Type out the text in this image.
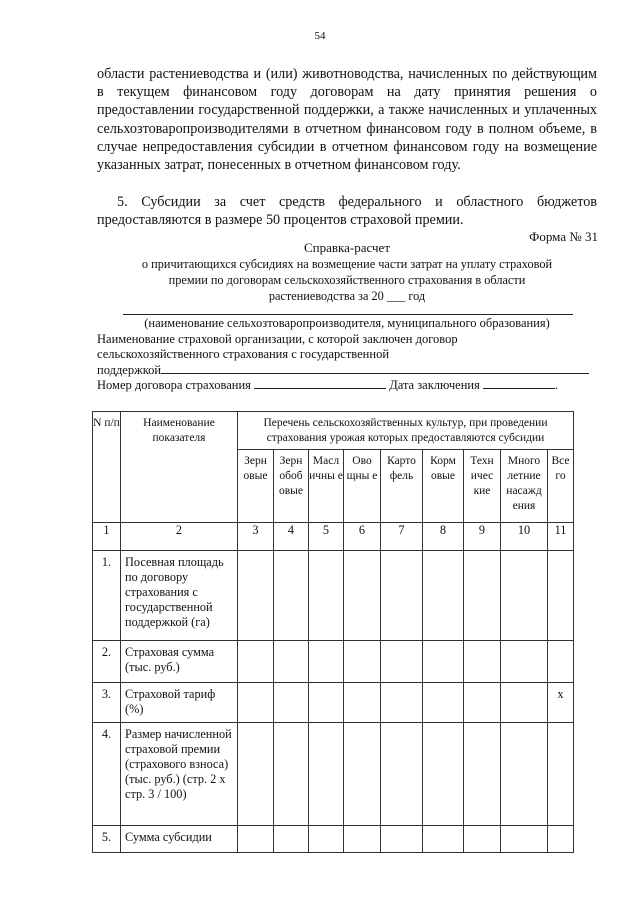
54
области растениеводства и (или) животноводства, начисленных по действующим в текущем финансовом году договорам на дату принятия решения о предоставлении государственной поддержки, а также начисленных и уплаченных сельхозтоваропроизводителями в отчетном финансовом году в полном объеме, в случае непредоставления субсидии в отчетном финансовом году на возмещение указанных затрат, понесенных в отчетном финансовом году.
5. Субсидии за счет средств федерального и областного бюджетов предоставляются в размере 50 процентов страховой премии.
Форма № 31
Справка-расчет
о причитающихся субсидиях на возмещение части затрат на уплату страховой
премии по договорам сельскохозяйственного страхования в области
растениеводства за 20 ___ год
(наименование сельхозтоваропроизводителя, муниципального образования)
Наименование страховой организации, с которой заключен договор
сельскохозяйственного страхования с государственной
поддержкой
Номер договора страхования	Дата заключения	.
N п/п	Наименование показателя	Перечень сельскохозяйственных культур, при проведении страхования урожая которых предоставляются субсидии								
		Зерн овые	Зерн обоб овые	Масл ичны е	Ово щны е	Карто фель	Корм овые	Техн ичес кие	Много летние насажд ения	Все го
1	2	3	4	5	6	7	8	9	10	11
1.	Посевная площадь по договору страхования с государственной поддержкой (га)									
2.	Страховая сумма (тыс. руб.)									
3.	Страховой тариф (%)									x
4.	Размер начисленной страховой премии (страхового взноса) (тыс. руб.) (стр. 2 x стр. 3 / 100)									
5.	Сумма субсидии									
